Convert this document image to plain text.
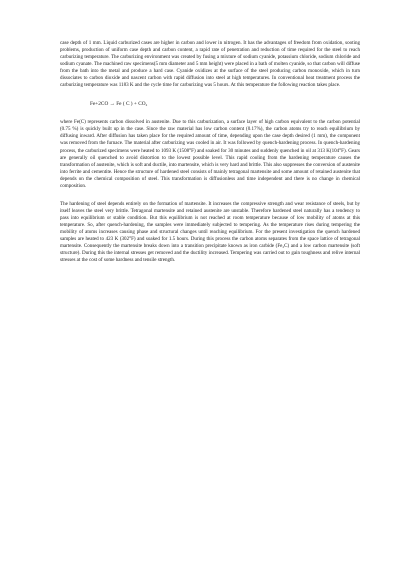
case depth of 1 mm. Liquid carburized cases are higher in carbon and lower in nitrogen. It has the advantages of freedom from oxidation, sooting problems, production of uniform case depth and carbon content, a rapid rate of penetration and reduction of time required for the steel to reach carburizing temperature. The carburizing environment was created by fusing a mixture of sodium cyanide, potassium chloride, sodium chloride and sodium cyanate. The machined raw specimens(5 mm diameter and 5 mm height) were placed in a bath of molten cyanide, so that carbon will diffuse from the bath into the metal and produce a hard case. Cyanide oxidizes at the surface of the steel producing carbon monoxide, which in turn dissociates to carbon dioxide and nascent carbon with rapid diffusion into steel at high temperatures. In conventional heat treatment process the carburizing temperature was 1183 K and the cycle time for carburizing was 5 hours. At this temperature the following reaction takes place.

Fe+2CO → Fe ( C ) + CO₂

where Fe(C) represents carbon dissolved in austenite. Due to this carburization, a surface layer of high carbon equivalent to the carbon potential (0.75 %) is quickly built up in the case. Since the raw material has low carbon content (0.17%), the carbon atoms try to reach equilibrium by diffusing inward. After diffusion has taken place for the required amount of time, depending upon the case depth desired (1 mm), the component was removed from the furnace. The material after carburizing was cooled in air. It was followed by quench-hardening process. In quench-hardening process, the carburized specimens were heated to 1093 K (1508°F) and soaked for 30 minutes and suddenly quenched in oil at 313 K(104°F). Gears are generally oil quenched to avoid distortion to the lowest possible level. This rapid cooling from the hardening temperature causes the transformation of austenite, which is soft and ductile, into martensite, which is very hard and brittle. This also suppresses the conversion of austenite into ferrite and cementite. Hence the structure of hardened steel consists of mainly tetragonal martensite and some amount of retained austenite that depends on the chemical composition of steel. This transformation is diffusionless and time independent and there is no change in chemical composition.

The hardening of steel depends entirely on the formation of martensite. It increases the compressive strength and wear resistance of steels, but by itself leaves the steel very brittle. Tetragonal martensite and retained austenite are unstable. Therefore hardened steel naturally has a tendency to pass into equilibrium or stable condition. But this equilibrium is not reached at room temperature because of low mobility of atoms at this temperature. So, after quench-hardening, the samples were immediately subjected to tempering. As the temperature rises during tempering the mobility of atoms increases causing phase and structural changes until reaching equilibrium. For the present investigation the quench hardened samples are heated to 423 K (302°F) and soaked for 1.5 hours. During this process the carbon atoms separates from the space lattice of tetragonal martensite. Consequently the martensite breaks down into a transition precipitate known as iron carbide (Fe₂C) and a low carbon martensite (soft structure). During this the internal stresses get removed and the ductility increased. Tempering was carried out to gain toughness and relive internal stresses at the cost of some hardness and tensile strength.
